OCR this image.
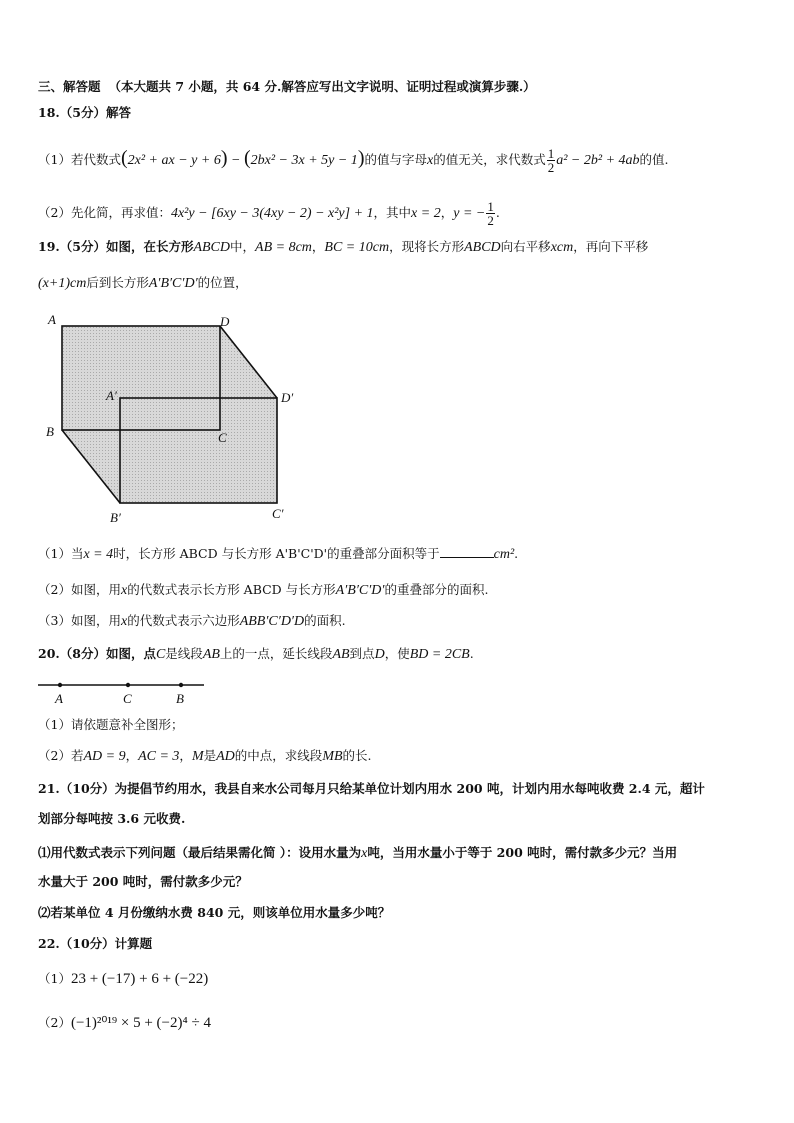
三、解答题 （本大题共 7 小题，共 64 分.解答应写出文字说明、证明过程或演算步骤.）
18.（5分）解答
（1）若代数式(2x² + ax − y + 6) − (2bx² − 3x + 5y − 1)的值与字母x的值无关，求代数式 $\frac{1}{2} a^2 - 2b^2 + 4ab$的值.
（2）先化简，再求值：4x²y − [6xy − 3(4xy − 2) − x²y] + 1，其中x = 2，y = − $\frac{1}{2}$ .
19.（5分）如图，在长方形ABCD中，AB = 8cm，BC = 10cm，现将长方形ABCD向右平移xcm，再向下平移
(x+1)cm后到长方形A′B′C′D′的位置，
A	D
A′	D′
B	C
B′	C′
（1）当x = 4时，长方形 ABCD 与长方形 A'B'C'D'的重叠部分面积等于	cm².
（2）如图，用x的代数式表示长方形 ABCD 与长方形A′B′C′D′的重叠部分的面积.
（3）如图，用x的代数式表示六边形ABB′C′D′D的面积.
20.（8分）如图，点C是线段AB上的一点，延长线段AB到点D，使BD = 2CB.
A	C	B
（1）请依题意补全图形；
（2）若AD = 9，AC = 3，M是AD的中点，求线段MB的长.
21.（10分）为提倡节约用水，我县自来水公司每月只给某单位计划内用水 200 吨，计划内用水每吨收费 2.4 元，超计
划部分每吨按 3.6 元收费.
⑴用代数式表示下列问题（最后结果需化简 ）：设用水量为x吨，当用水量小于等于 200 吨时，需付款多少元？当用
水量大于 200 吨时，需付款多少元？
⑵若某单位 4 月份缴纳水费 840 元，则该单位用水量多少吨？
22.（10分）计算题
（1）23 + (−17) + 6 + (−22)
（2）(−1)²⁰¹⁹ × 5 + (−2)⁴ ÷ 4
